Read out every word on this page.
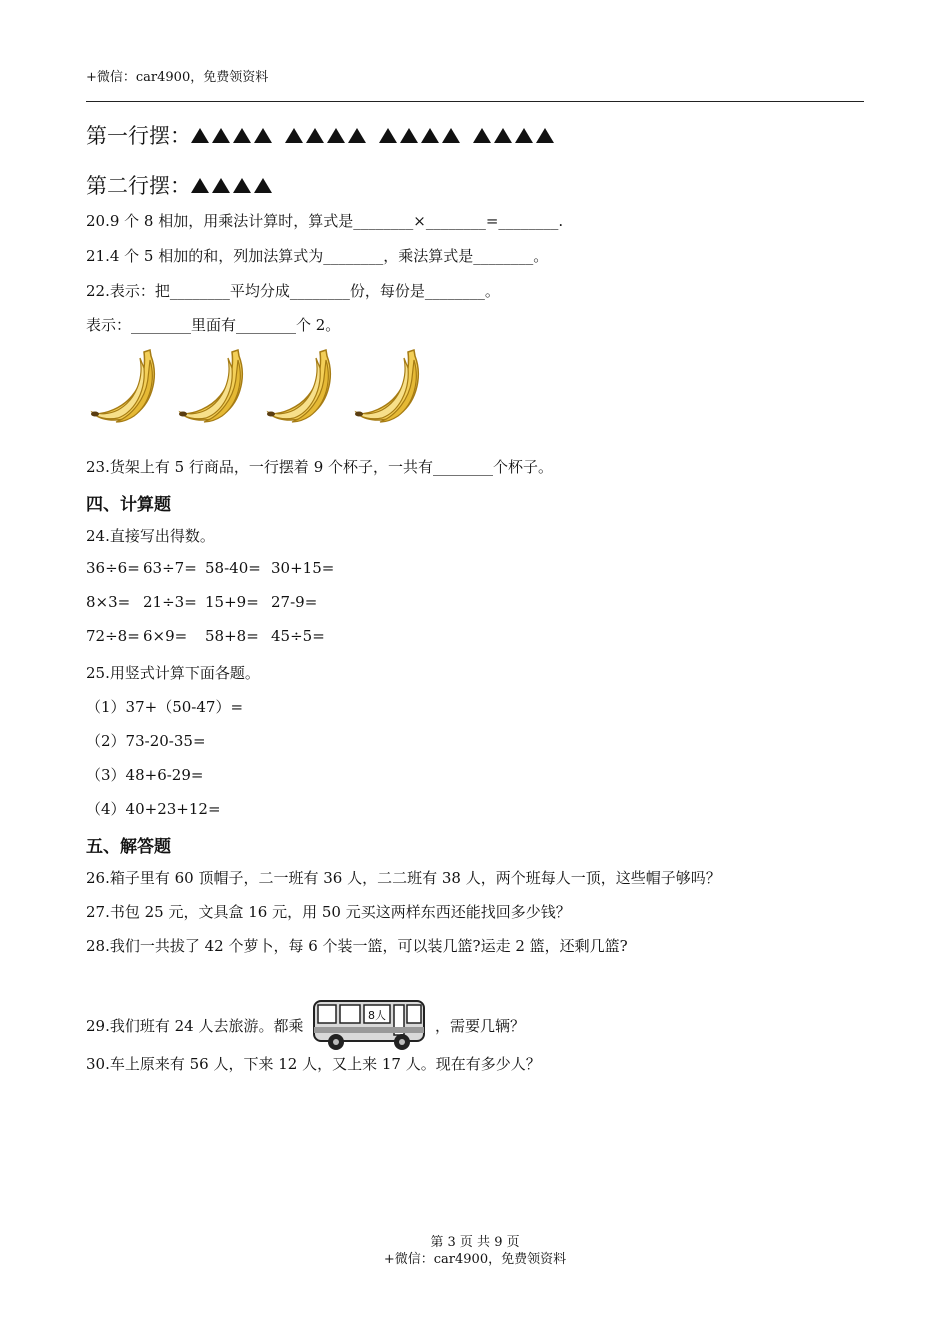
+微信：car4900，免费领资料
第一行摆：
第二行摆：
20.9 个 8 相加，用乘法计算时，算式是________×________=________.
21.4 个 5 相加的和，列加法算式为________，乘法算式是________。
22.表示：把________平均分成________份，每份是________。
表示：________里面有________个 2。
23.货架上有 5 行商品，一行摆着 9 个杯子，一共有________个杯子。
四、计算题
24.直接写出得数。
36÷6= 63÷7= 58-40= 30+15=
8×3= 21÷3= 15+9= 27-9=
72÷8= 6×9= 58+8= 45÷5=
25.用竖式计算下面各题。
（1）37+（50-47）=
（2）73-20-35=
（3）48+6-29=
（4）40+23+12=
五、解答题
26.箱子里有 60 顶帽子，二一班有 36 人，二二班有 38 人，两个班每人一顶，这些帽子够吗？
27.书包 25 元，文具盒 16 元，用 50 元买这两样东西还能找回多少钱？
28.我们一共拔了 42 个萝卜，每 6 个装一篮，可以装几篮?运走 2 篮，还剩几篮?
29.我们班有 24 人去旅游。都乘
8人
，需要几辆？
30.车上原来有 56 人，下来 12 人，又上来 17 人。现在有多少人？
第 3 页 共 9 页
+微信：car4900，免费领资料
